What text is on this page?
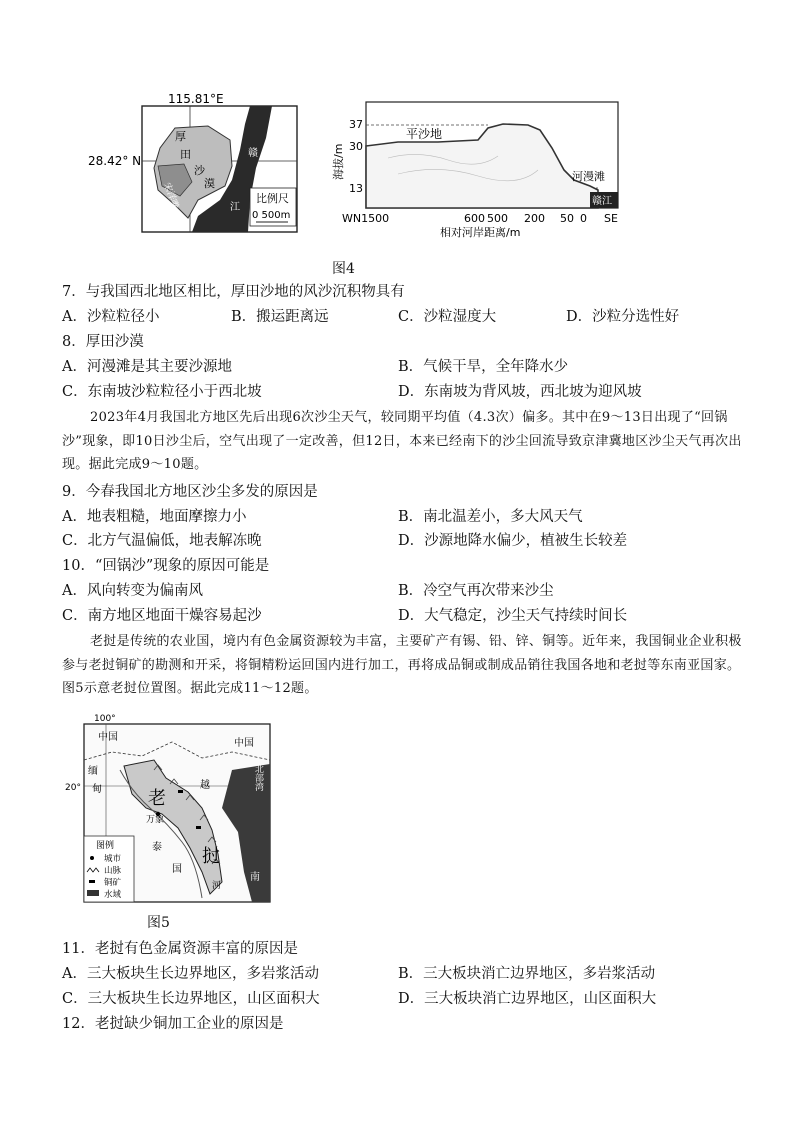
115.81°E
28.42° N
厚
田
沙
漠
宋洋嘴
赣
江
比例尺
0 500m
海拔/m
37
30
13
平沙地
河漫滩
赣江
WN1500	600 500 200 50 0 SE
相对河岸距离/m
图4
7．与我国西北地区相比，厚田沙地的风沙沉积物具有
A．沙粒粒径小	B．搬运距离远	C．沙粒湿度大	D．沙粒分选性好
8．厚田沙漠
A．河漫滩是其主要沙源地	B．气候干旱，全年降水少
C．东南坡沙粒粒径小于西北坡	D．东南坡为背风坡，西北坡为迎风坡
2023年4月我国北方地区先后出现6次沙尘天气，较同期平均值（4.3次）偏多。其中在9～13日出现了“回锅沙”现象，即10日沙尘后，空气出现了一定改善，但12日，本来已经南下的沙尘回流导致京津冀地区沙尘天气再次出现。据此完成9～10题。
9．今春我国北方地区沙尘多发的原因是
A．地表粗糙，地面摩擦力小	B．南北温差小，多大风天气
C．北方气温偏低，地表解冻晚	D．沙源地降水偏少，植被生长较差
10．“回锅沙”现象的原因可能是
A．风向转变为偏南风	B．冷空气再次带来沙尘
C．南方地区地面干燥容易起沙	D．大气稳定，沙尘天气持续时间长
老挝是传统的农业国，境内有色金属资源较为丰富，主要矿产有锡、铅、锌、铜等。近年来，我国铜业企业积极参与老挝铜矿的勘测和开采，将铜精粉运回国内进行加工，再将成品铜或制成品销往我国各地和老挝等东南亚国家。图5示意老挝位置图。据此完成11～12题。
100°
20°
中国
中国
北部湾
缅
甸	越
老
万象
挝
泰
国
南
河
图例
城市
山脉
铜矿
水域
图5
11．老挝有色金属资源丰富的原因是
A．三大板块生长边界地区，多岩浆活动	B．三大板块消亡边界地区，多岩浆活动
C．三大板块生长边界地区，山区面积大	D．三大板块消亡边界地区，山区面积大
12．老挝缺少铜加工企业的原因是
